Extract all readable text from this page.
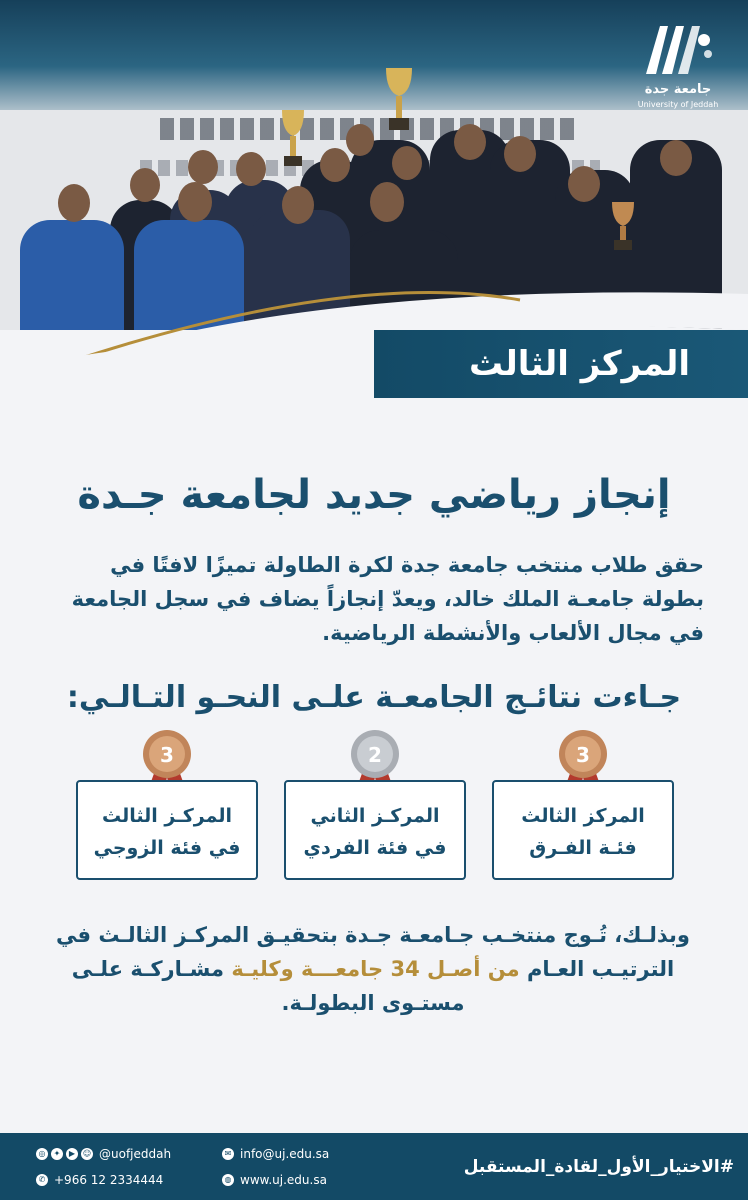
جامعة جدة
University of Jeddah
المركز الثالث
إنجاز رياضي جديد لجامعة جـدة
حقق طلاب منتخب جامعة جدة لكرة الطاولة تميزًا لافتًا في بطولة جامعـة الملك خالد، ويعدّ إنجازاً يضاف في سجل الجامعة في مجال الألعاب والأنشطة الرياضية.
جـاءت نتائـج الجامعـة علـى النحـو التـالـي:
3
المركز الثالث
فئـة الفـرق
2
المركـز الثاني
في فئة الفردي
3
المركـز الثالث
في فئة الزوجي
وبذلـك، تُـوج منتخـب جـامعـة جـدة بتحقيـق المركـز الثالـث في الترتيـب العـام من أصـل 34 جامعـــة وكليـة مشـاركـة علـى مستـوى البطولـة.
#الاختيار_الأول_لقادة_المستقبل
◎	✦	▶ ☺ @uofjeddah
✆ +966 12 2334444
✉ info@uj.edu.sa
◍ www.uj.edu.sa
